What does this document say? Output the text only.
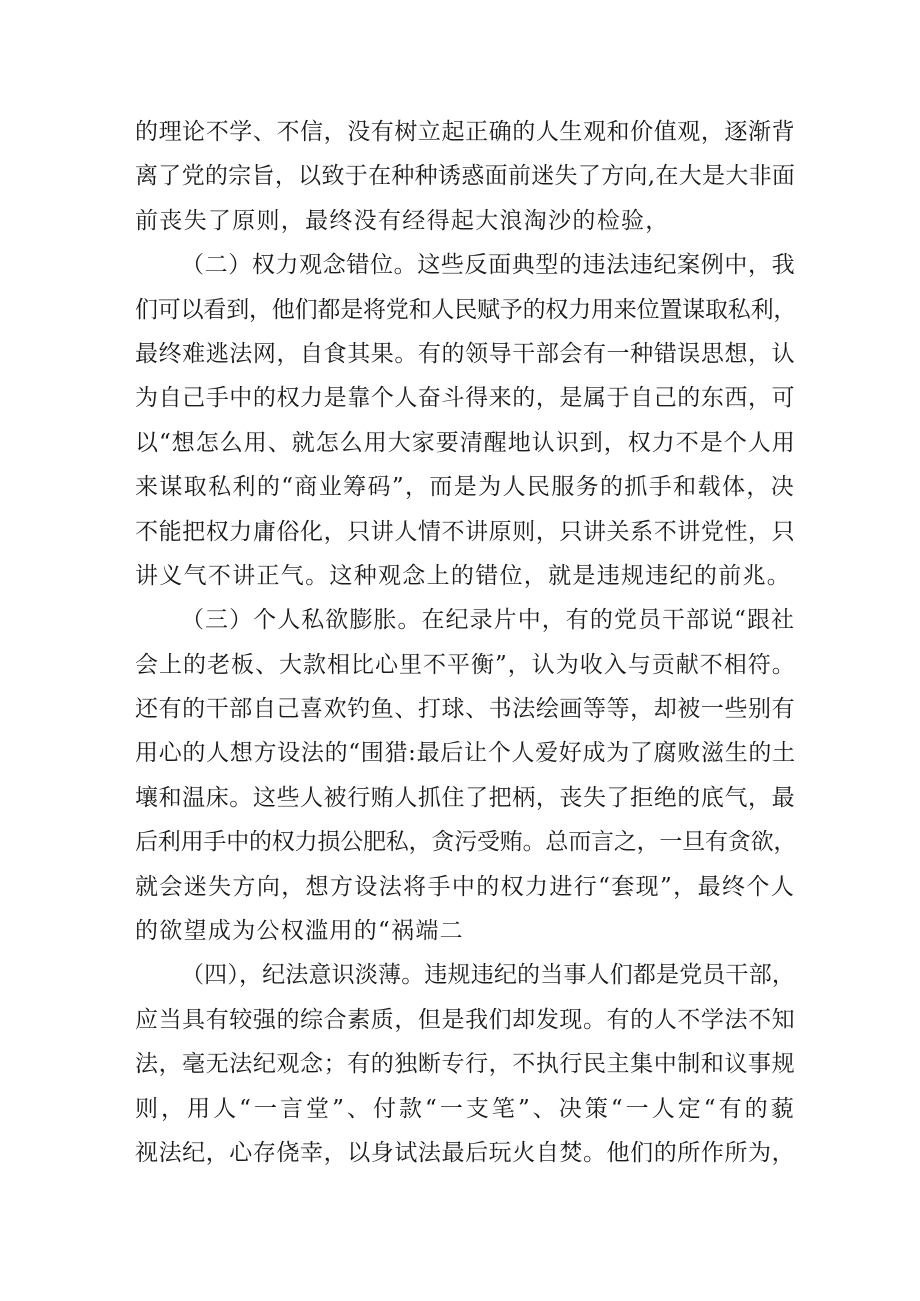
的理论不学、不信，没有树立起正确的人生观和价值观，逐渐背
离了党的宗旨，以致于在种种诱惑面前迷失了方向,在大是大非面
前丧失了原则，最终没有经得起大浪淘沙的检验，
（二）权力观念错位。这些反面典型的违法违纪案例中，我
们可以看到，他们都是将党和人民赋予的权力用来位置谋取私利，
最终难逃法网，自食其果。有的领导干部会有一种错误思想，认
为自己手中的权力是靠个人奋斗得来的，是属于自己的东西，可
以“想怎么用、就怎么用大家要清醒地认识到，权力不是个人用
来谋取私利的“商业筹码”，而是为人民服务的抓手和载体，决
不能把权力庸俗化，只讲人情不讲原则，只讲关系不讲党性，只
讲义气不讲正气。这种观念上的错位，就是违规违纪的前兆。
（三）个人私欲膨胀。在纪录片中，有的党员干部说“跟社
会上的老板、大款相比心里不平衡”，认为收入与贡献不相符。
还有的干部自己喜欢钓鱼、打球、书法绘画等等，却被一些别有
用心的人想方设法的“围猎:最后让个人爱好成为了腐败滋生的土
壤和温床。这些人被行贿人抓住了把柄，丧失了拒绝的底气，最
后利用手中的权力损公肥私，贪污受贿。总而言之，一旦有贪欲，
就会迷失方向，想方设法将手中的权力进行“套现”，最终个人
的欲望成为公权滥用的“祸端二
（四），纪法意识淡薄。违规违纪的当事人们都是党员干部，
应当具有较强的综合素质，但是我们却发现。有的人不学法不知
法，毫无法纪观念；有的独断专行，不执行民主集中制和议事规
则，用人“一言堂”、付款“一支笔”、决策“一人定“有的藐
视法纪，心存侥幸，以身试法最后玩火自焚。他们的所作所为，
